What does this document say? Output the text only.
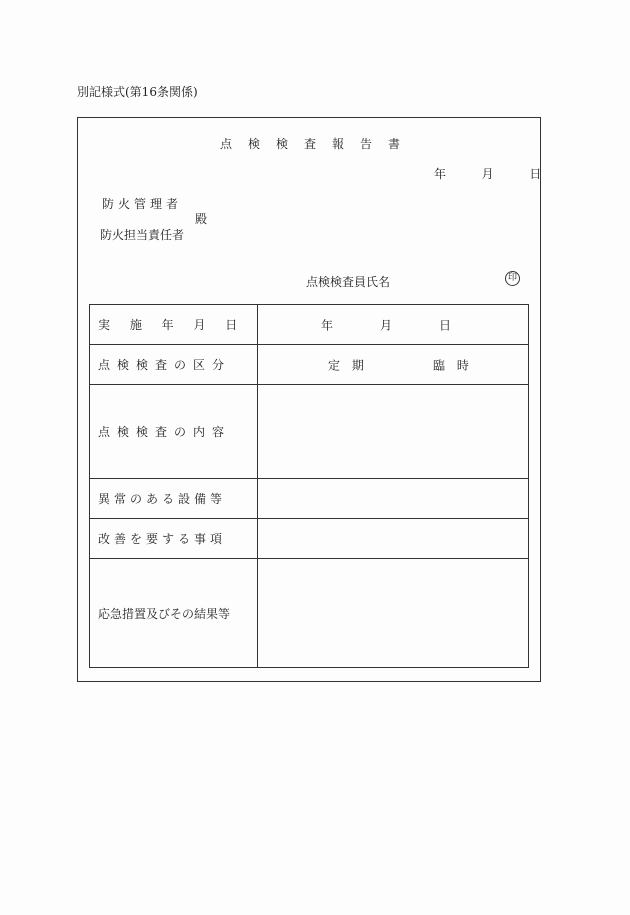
別記様式(第16条関係)
点検検査報告書
年	月	日
防火管理者
殿
防火担当責任者
点検検査員氏名	印
実 施 年 月 日	年 月 日

点検検査の区分	定 期 臨 時

点検検査の内容	
異常のある設備等	
改善を要する事項	
応急措置及びその結果等	
